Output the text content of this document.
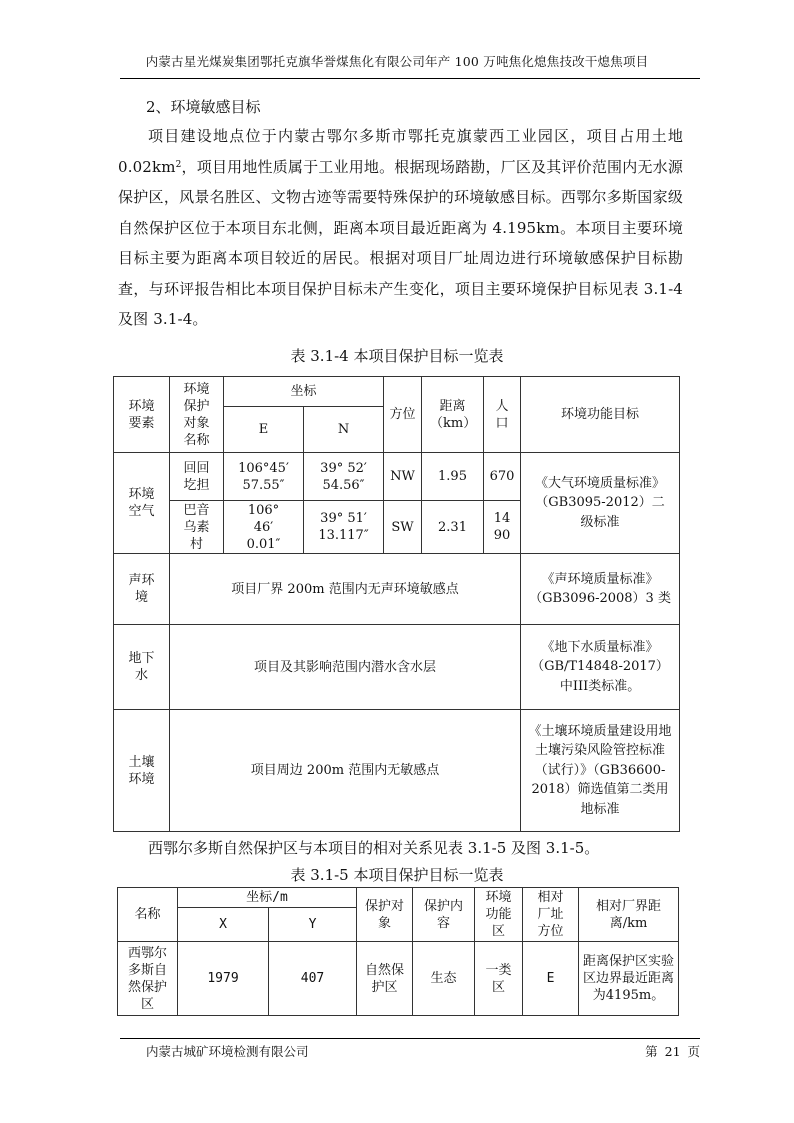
内蒙古星光煤炭集团鄂托克旗华誉煤焦化有限公司年产 100 万吨焦化熄焦技改干熄焦项目
2、环境敏感目标
项目建设地点位于内蒙古鄂尔多斯市鄂托克旗蒙西工业园区，项目占用土地 $0.02km^2$，项目用地性质属于工业用地。根据现场踏勘，厂区及其评价范围内无水源保护区，风景名胜区、文物古迹等需要特殊保护的环境敏感目标。西鄂尔多斯国家级自然保护区位于本项目东北侧，距离本项目最近距离为 4.195km。本项目主要环境目标主要为距离本项目较近的居民。根据对项目厂址周边进行环境敏感保护目标勘查，与环评报告相比本项目保护目标未产生变化，项目主要环境保护目标见表 3.1-4 及图 3.1-4。
表 3.1-4 本项目保护目标一览表
环境要素	环境保护对象名称	坐标		方位	距离（km）	人口	环境功能目标
		E	N				
环境空气	回回圪担	106°45′ 57.55″	39° 52′ 54.56″	NW	1.95	670	《大气环境质量标准》（GB3095-2012）二级标准
	巴音乌素村	106° 46′ 0.01″	39° 51′ 13.117″	SW	2.31	1490	
声环境	项目厂界 200m 范围内无声环境敏感点						《声环境质量标准》（GB3096-2008）3 类
地下水	项目及其影响范围内潜水含水层						《地下水质量标准》（GB/T14848-2017）中III类标准。
土壤环境	项目周边 200m 范围内无敏感点						《土壤环境质量建设用地土壤污染风险管控标准（试行）》（GB36600-2018）筛选值第二类用地标准
西鄂尔多斯自然保护区与本项目的相对关系见表 3.1-5 及图 3.1-5。
表 3.1-5 本项目保护目标一览表
名称	坐标/m		保护对象	保护内容	环境功能区	相对厂址方位	相对厂界距离/km
	X	Y					
西鄂尔多斯自然保护区	1979	407	自然保护区	生态	一类区	E	距离保护区实验区边界最近距离为4195m。
内蒙古城矿环境检测有限公司	第 21 页
